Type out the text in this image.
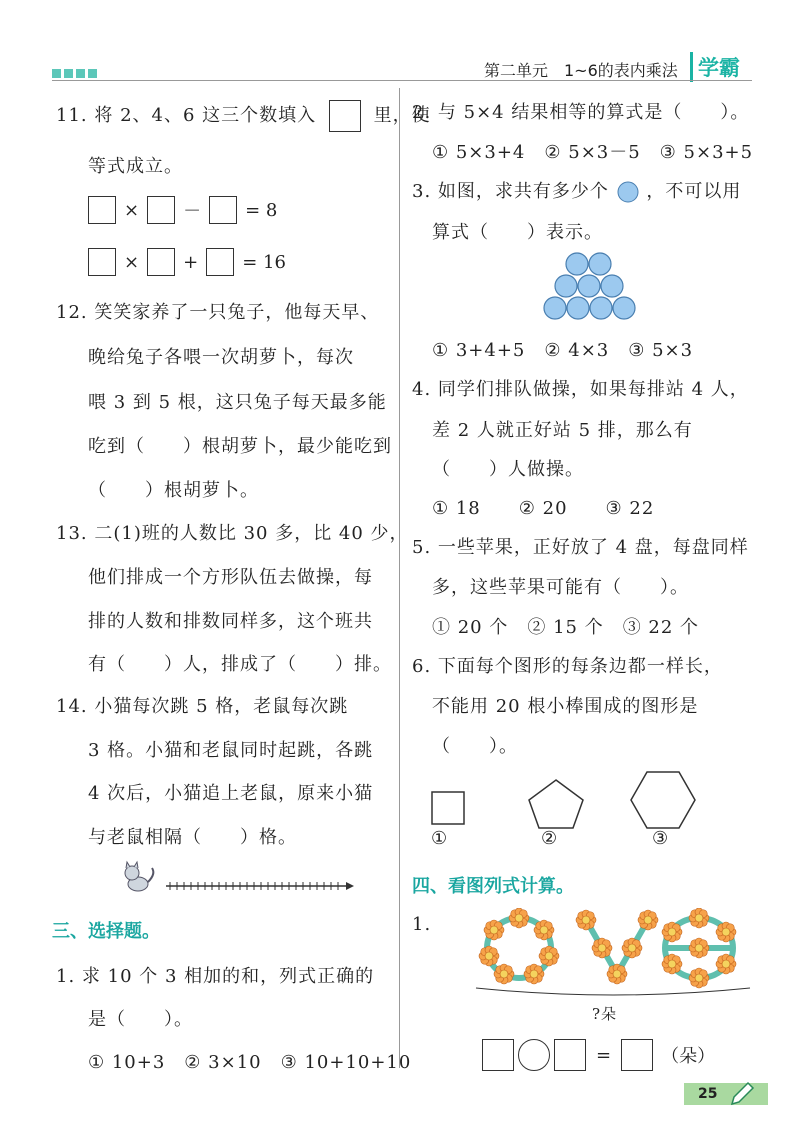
第二单元　1~6的表内乘法 学霸
11. 将 2、4、6 这三个数填入	里，使
等式成立。
× － = 8
× + = 16
12. 笑笑家养了一只兔子，他每天早、
晚给兔子各喂一次胡萝卜，每次
喂 3 到 5 根，这只兔子每天最多能
吃到（　　）根胡萝卜，最少能吃到
（　　）根胡萝卜。
13. 二(1)班的人数比 30 多，比 40 少，
他们排成一个方形队伍去做操，每
排的人数和排数同样多，这个班共
有（　　）人，排成了（　　）排。
14. 小猫每次跳 5 格，老鼠每次跳
3 格。小猫和老鼠同时起跳，各跳
4 次后，小猫追上老鼠，原来小猫
与老鼠相隔（　　）格。
三、选择题。
1. 求 10 个 3 相加的和，列式正确的
是（　　）。
① 10+3　② 3×10　③ 10+10+10
2. 与 5×4 结果相等的算式是（　　）。
① 5×3+4　② 5×3－5　③ 5×3+5
3. 如图，求共有多少个 ，不可以用
算式（　　）表示。
① 3+4+5　② 4×3　③ 5×3
4. 同学们排队做操，如果每排站 4 人，
差 2 人就正好站 5 排，那么有
（　　）人做操。
① 18　　② 20　　③ 22
5. 一些苹果，正好放了 4 盘，每盘同样
多，这些苹果可能有（　　）。
① 20 个　② 15 个　③ 22 个
6. 下面每个图形的每条边都一样长，
不能用 20 根小棒围成的图形是
（　　）。
①	②	③
四、看图列式计算。
1.
?朵
=	（朵）
25
